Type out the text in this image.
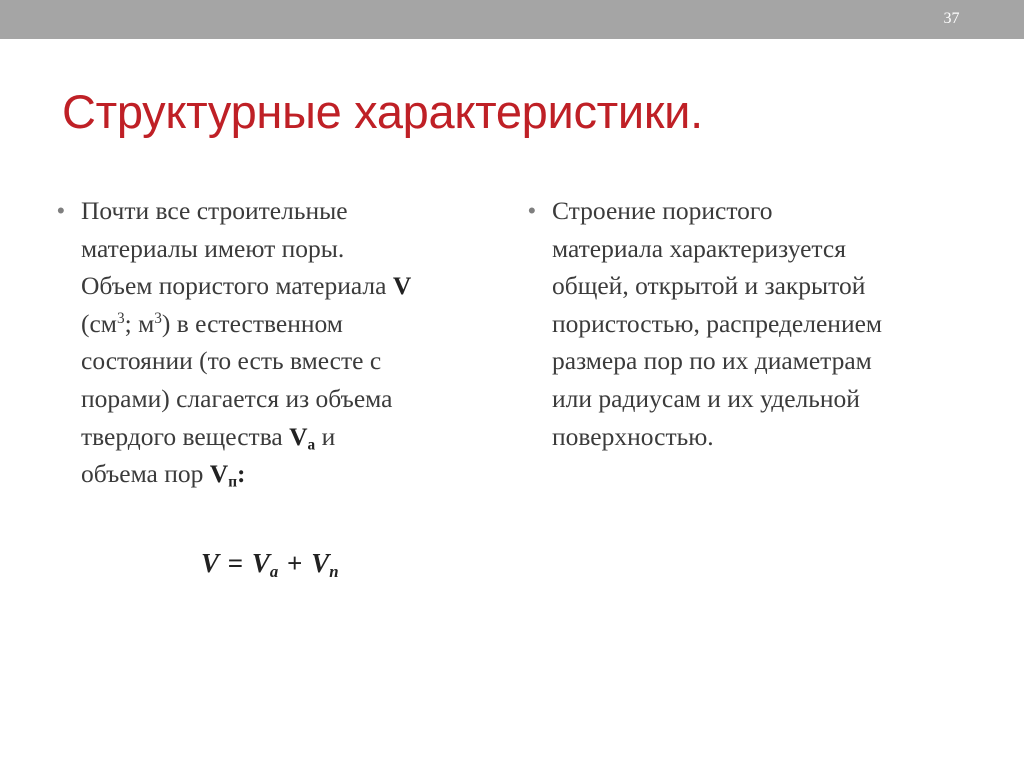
37
Структурные характеристики.
• Почти все строительные

материалы имеют поры.

Объем пористого материала V

($см^3$; $м^3$) в естественном

состоянии (то есть вместе с

порами) слагается из объема

твердого вещества $V_а$ и

объема пор $V_п$:

$V = V_a + V_n$
• Строение пористого

материала характеризуется

общей, открытой и закрытой

пористостью, распределением

размера пор по их диаметрам

или радиусам и их удельной

поверхностью.
